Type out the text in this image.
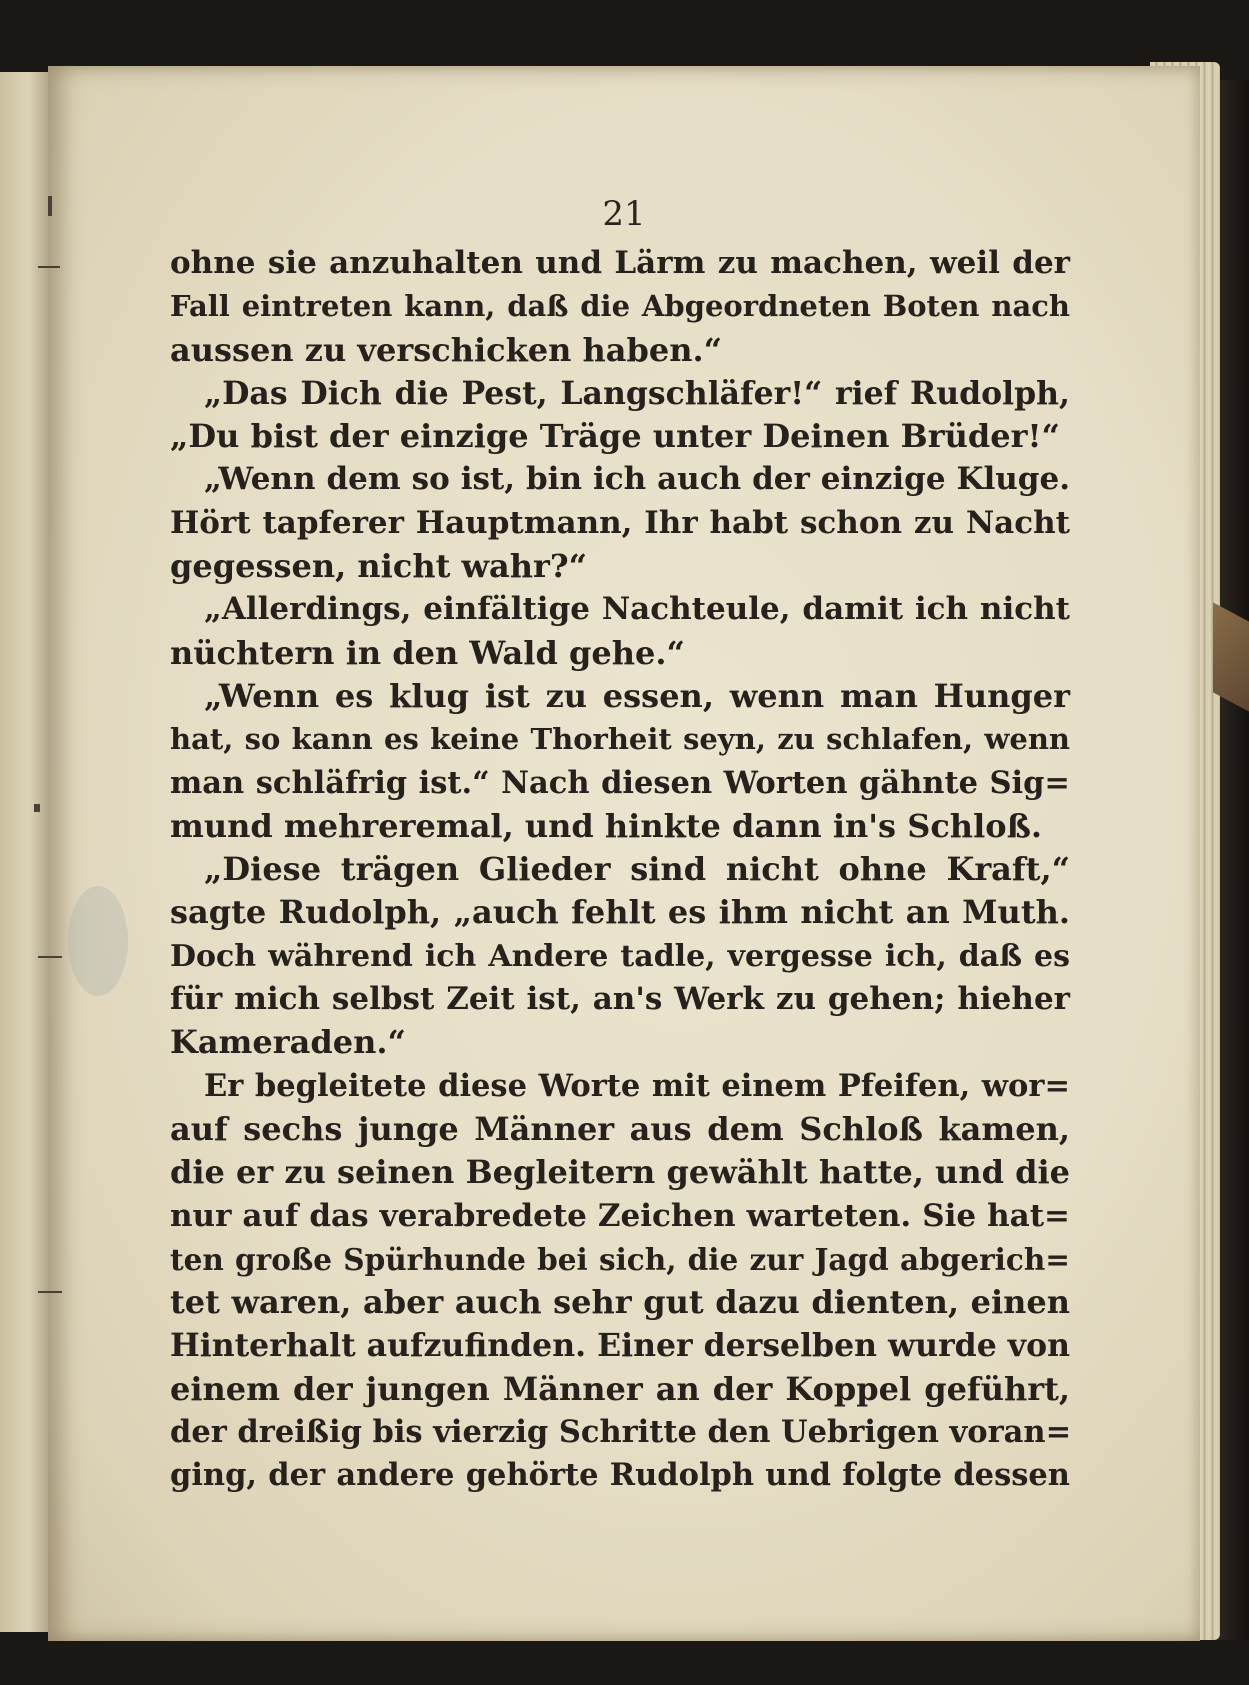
21
ohne sie anzuhalten und Lärm zu machen, weil der
Fall eintreten kann, daß die Abgeordneten Boten nach
aussen zu verschicken haben.“
„Das Dich die Pest, Langschläfer!“ rief Rudolph,
„Du bist der einzige Träge unter Deinen Brüder!“
„Wenn dem so ist, bin ich auch der einzige Kluge.
Hört tapferer Hauptmann, Ihr habt schon zu Nacht
gegessen, nicht wahr?“
„Allerdings, einfältige Nachteule, damit ich nicht
nüchtern in den Wald gehe.“
„Wenn es klug ist zu essen, wenn man Hunger
hat, so kann es keine Thorheit seyn, zu schlafen, wenn
man schläfrig ist.“ Nach diesen Worten gähnte Sig=
mund mehreremal, und hinkte dann in's Schloß.
„Diese trägen Glieder sind nicht ohne Kraft,“
sagte Rudolph, „auch fehlt es ihm nicht an Muth.
Doch während ich Andere tadle, vergesse ich, daß es
für mich selbst Zeit ist, an's Werk zu gehen; hieher
Kameraden.“
Er begleitete diese Worte mit einem Pfeifen, wor=
auf sechs junge Männer aus dem Schloß kamen,
die er zu seinen Begleitern gewählt hatte, und die
nur auf das verabredete Zeichen warteten. Sie hat=
ten große Spürhunde bei sich, die zur Jagd abgerich=
tet waren, aber auch sehr gut dazu dienten, einen
Hinterhalt aufzufinden. Einer derselben wurde von
einem der jungen Männer an der Koppel geführt,
der dreißig bis vierzig Schritte den Uebrigen voran=
ging, der andere gehörte Rudolph und folgte dessen
